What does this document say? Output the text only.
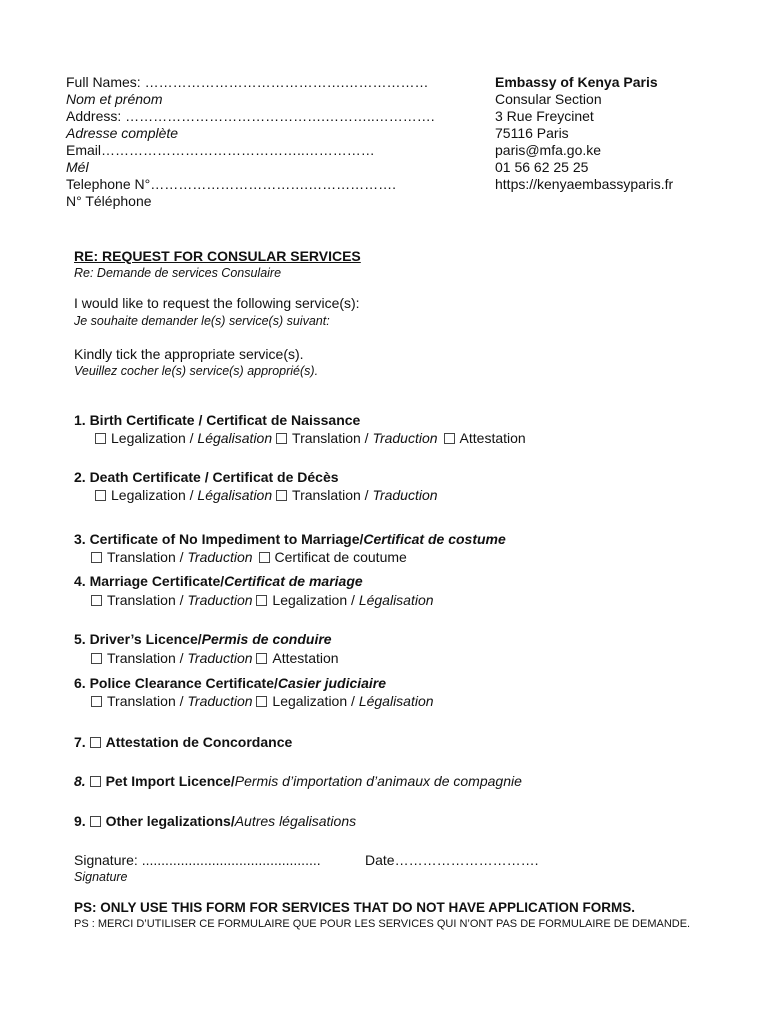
Full Names: …………………………………….………………
Nom et prénom
Address: …………………………………….………..………….
Adresse complète
Email……………………………………..……………
Mél
Telephone N°…………………………….……………….
N° Téléphone
Embassy of Kenya Paris
Consular Section
3 Rue Freycinet
75116 Paris
paris@mfa.go.ke
01 56 62 25 25
https://kenyaembassyparis.fr
RE: REQUEST FOR CONSULAR SERVICES
Re: Demande de services Consulaire
I would like to request the following service(s):
Je souhaite demander le(s) service(s) suivant:
Kindly tick the appropriate service(s).
Veuillez cocher le(s) service(s) approprié(s).
1. Birth Certificate / Certificat de Naissance
Legalization / Légalisation Translation / Traduction Attestation
2. Death Certificate / Certificat de Décès
Legalization / Légalisation Translation / Traduction
3. Certificate of No Impediment to Marriage/Certificat de costume
Translation / Traduction Certificat de coutume
4. Marriage Certificate/Certificat de mariage
Translation / Traduction Legalization / Légalisation
5. Driver’s Licence/Permis de conduire
Translation / Traduction Attestation
6. Police Clearance Certificate/Casier judiciaire
Translation / Traduction Legalization / Légalisation
7. Attestation de Concordance
8. Pet Import Licence/Permis d’importation d’animaux de compagnie
9. Other legalizations/Autres légalisations
Signature: ..............................................	Date………………………….
Signature
PS: ONLY USE THIS FORM FOR SERVICES THAT DO NOT HAVE APPLICATION FORMS.
PS : MERCI D’UTILISER CE FORMULAIRE QUE POUR LES SERVICES QUI N’ONT PAS DE FORMULAIRE DE DEMANDE.
